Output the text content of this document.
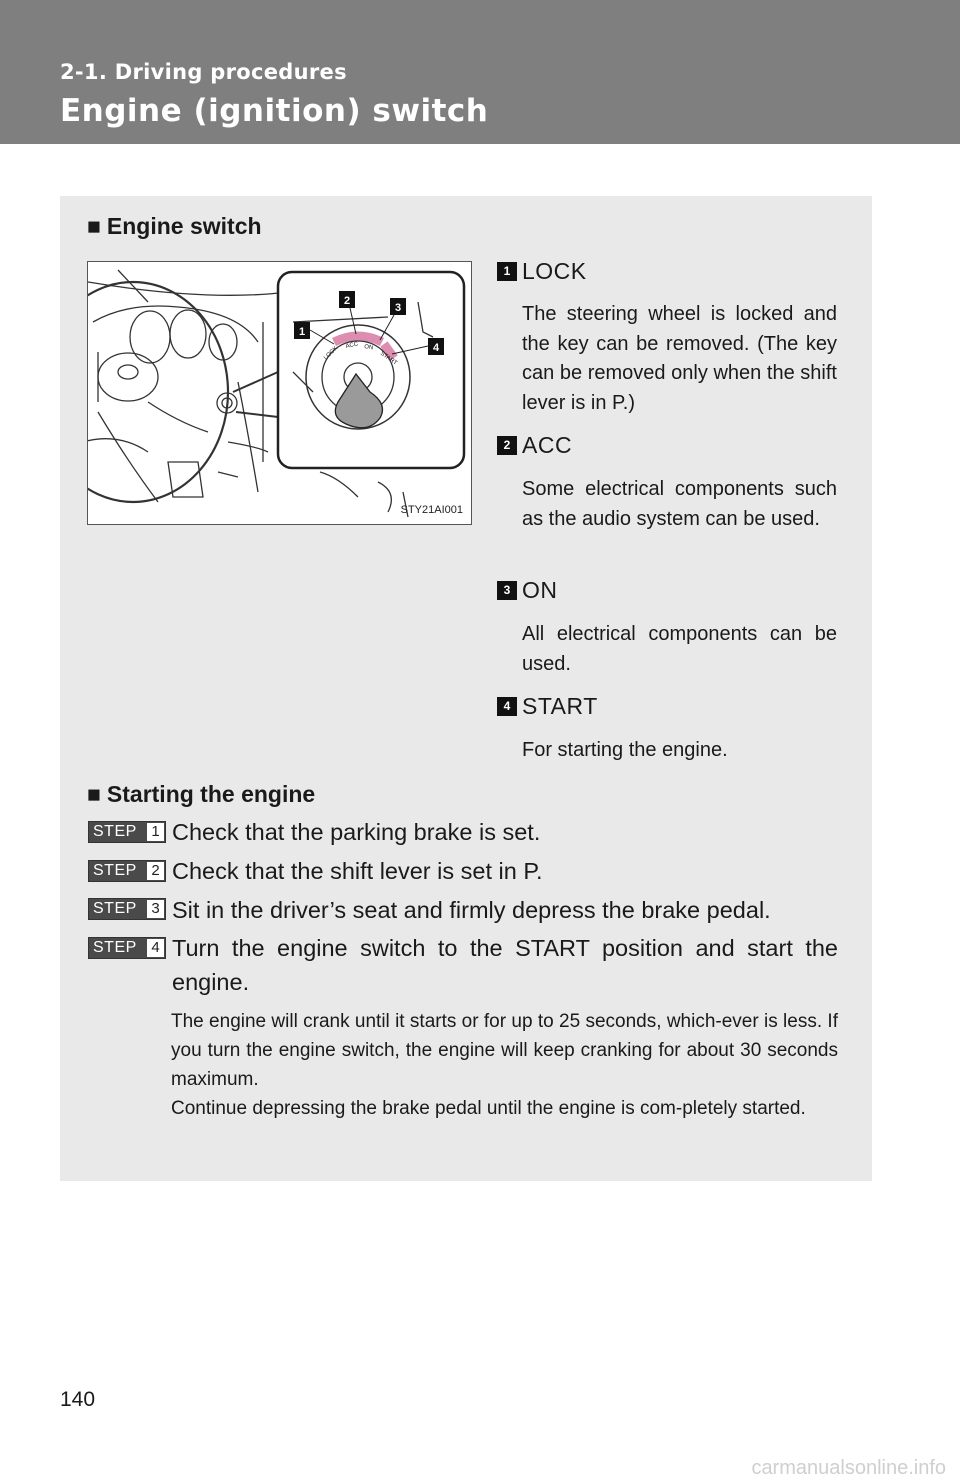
2-1. Driving procedures
Engine (ignition) switch
■ Engine switch
LOCK ACC ON
START
1
2
3
4
STY21AI001
1 LOCK
The steering wheel is locked and the key can be removed. (The key can be removed only when the shift lever is in P.)
2 ACC
Some electrical components such as the audio system can be used.
3 ON
All electrical components can be used.
4 START
For starting the engine.
■ Starting the engine
STEP 1 Check that the parking brake is set.
STEP 2 Check that the shift lever is set in P.
STEP 3 Sit in the driver’s seat and firmly depress the brake pedal.
STEP 4 Turn the engine switch to the START position and start the engine.
The engine will crank until it starts or for up to 25 seconds, which-ever is less. If you turn the engine switch, the engine will keep cranking for about 30 seconds maximum.
Continue depressing the brake pedal until the engine is com-pletely started.
140
carmanualsonline.info
